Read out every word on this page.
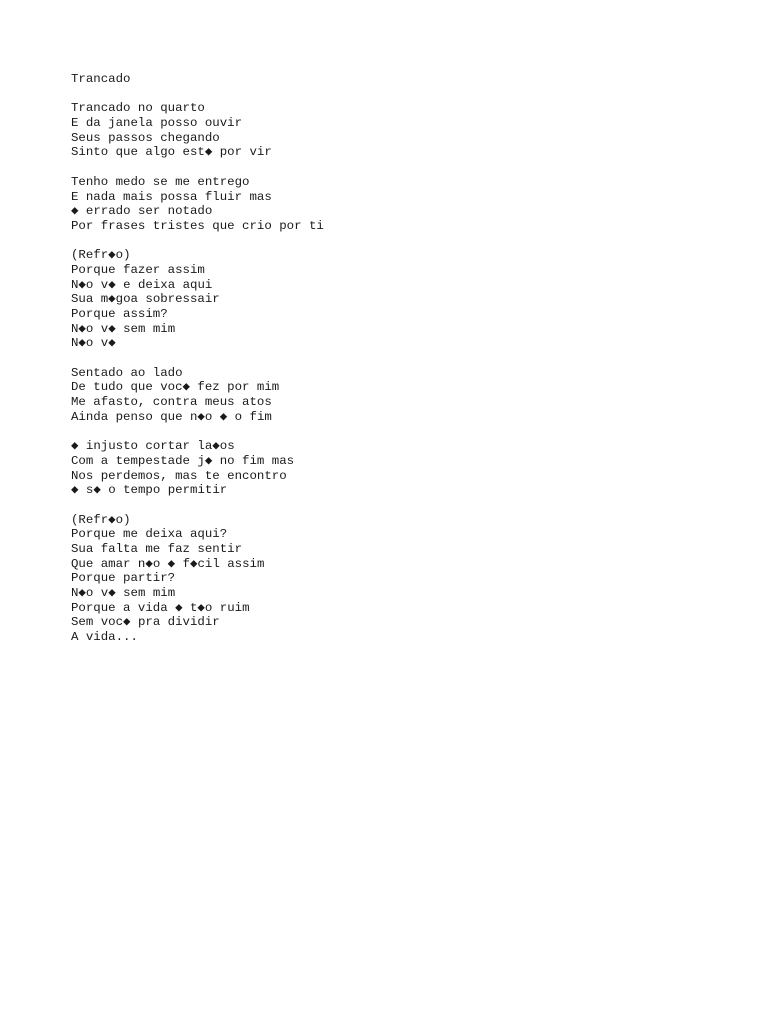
Trancado
Trancado no quarto
E da janela posso ouvir
Seus passos chegando
Sinto que algo est◆ por vir
Tenho medo se me entrego
E nada mais possa fluir mas
◆ errado ser notado
Por frases tristes que crio por ti
(Refr◆o)
Porque fazer assim
N◆o v◆ e deixa aqui
Sua m◆goa sobressair
Porque assim?
N◆o v◆ sem mim
N◆o v◆
Sentado ao lado
De tudo que voc◆ fez por mim
Me afasto, contra meus atos
Ainda penso que n◆o ◆ o fim
◆ injusto cortar la◆os
Com a tempestade j◆ no fim mas
Nos perdemos, mas te encontro
◆ s◆ o tempo permitir
(Refr◆o)
Porque me deixa aqui?
Sua falta me faz sentir
Que amar n◆o ◆ f◆cil assim
Porque partir?
N◆o v◆ sem mim
Porque a vida ◆ t◆o ruim
Sem voc◆ pra dividir
A vida...
